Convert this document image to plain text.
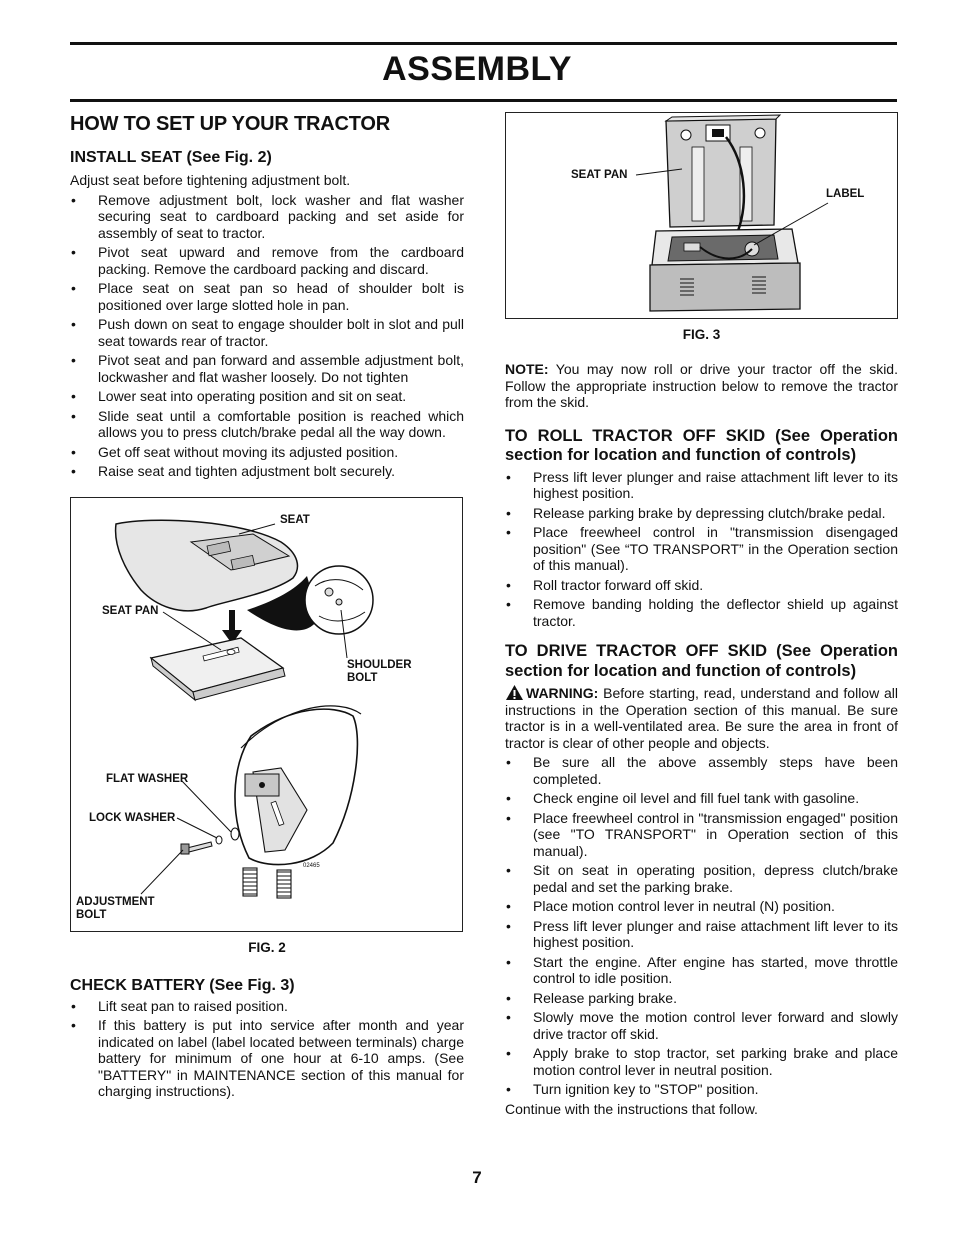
ASSEMBLY
HOW TO SET UP YOUR TRACTOR
INSTALL SEAT (See Fig. 2)

Adjust seat before tightening adjustment bolt.

• Remove adjustment bolt, lock washer and flat washer securing seat to cardboard packing and set aside for assembly of seat to tractor.
• Pivot seat upward and remove from the cardboard packing. Remove the cardboard packing and discard.
• Place seat on seat pan so head of shoulder bolt is positioned over large slotted hole in pan.
• Push down on seat to engage shoulder bolt in slot and pull seat towards rear of tractor.
• Pivot seat and pan forward and assemble adjustment bolt, lockwasher and flat washer loosely. Do not tighten
• Lower seat into operating position and sit on seat.
• Slide seat until a comfortable position is reached which allows you to press clutch/brake pedal all the way down.
• Get off seat without moving its adjusted position.
• Raise seat and tighten adjustment bolt securely.
SEAT
SEAT PAN
SHOULDER
BOLT
FLAT WASHER
LOCK WASHER
ADJUSTMENT
BOLT
02465
FIG. 2
CHECK BATTERY (See Fig. 3)
• Lift seat pan to raised position.
• If this battery is put into service after month and year indicated on label (label located between terminals) charge battery for minimum of one hour at 6-10 amps. (See "BATTERY" in MAINTENANCE section of this manual for charging instructions).
SEAT PAN
LABEL
FIG. 3

NOTE: You may now roll or drive your tractor off the skid. Follow the appropriate instruction below to remove the tractor from the skid.

TO ROLL TRACTOR OFF SKID (See Operation section for location and function of controls)
• Press lift lever plunger and raise attachment lift lever to its highest position.
• Release parking brake by depressing clutch/brake pedal.
• Place freewheel control in "transmission disengaged position" (See “TO TRANSPORT” in the Operation section of this manual).
• Roll tractor forward off skid.
• Remove banding holding the deflector shield up against tractor.
TO DRIVE TRACTOR OFF SKID (See Operation section for location and function of controls)

WARNING: Before starting, read, understand and follow all instructions in the Operation section of this manual. Be sure tractor is in a well-ventilated area. Be sure the area in front of tractor is clear of other people and objects.

• Be sure all the above assembly steps have been completed.
• Check engine oil level and fill fuel tank with gasoline.
• Place freewheel control in "transmission engaged" position (see "TO TRANSPORT" in Operation section of this manual).
• Sit on seat in operating position, depress clutch/brake pedal and set the parking brake.
• Place motion control lever in neutral (N) position.
• Press lift lever plunger and raise attachment lift lever to its highest position.
• Start the engine. After engine has started, move throttle control to idle position.
• Release parking brake.
• Slowly move the motion control lever forward and slowly drive tractor off skid.
• Apply brake to stop tractor, set parking brake and place motion control lever in neutral position.
• Turn ignition key to "STOP" position.

Continue with the instructions that follow.

7
